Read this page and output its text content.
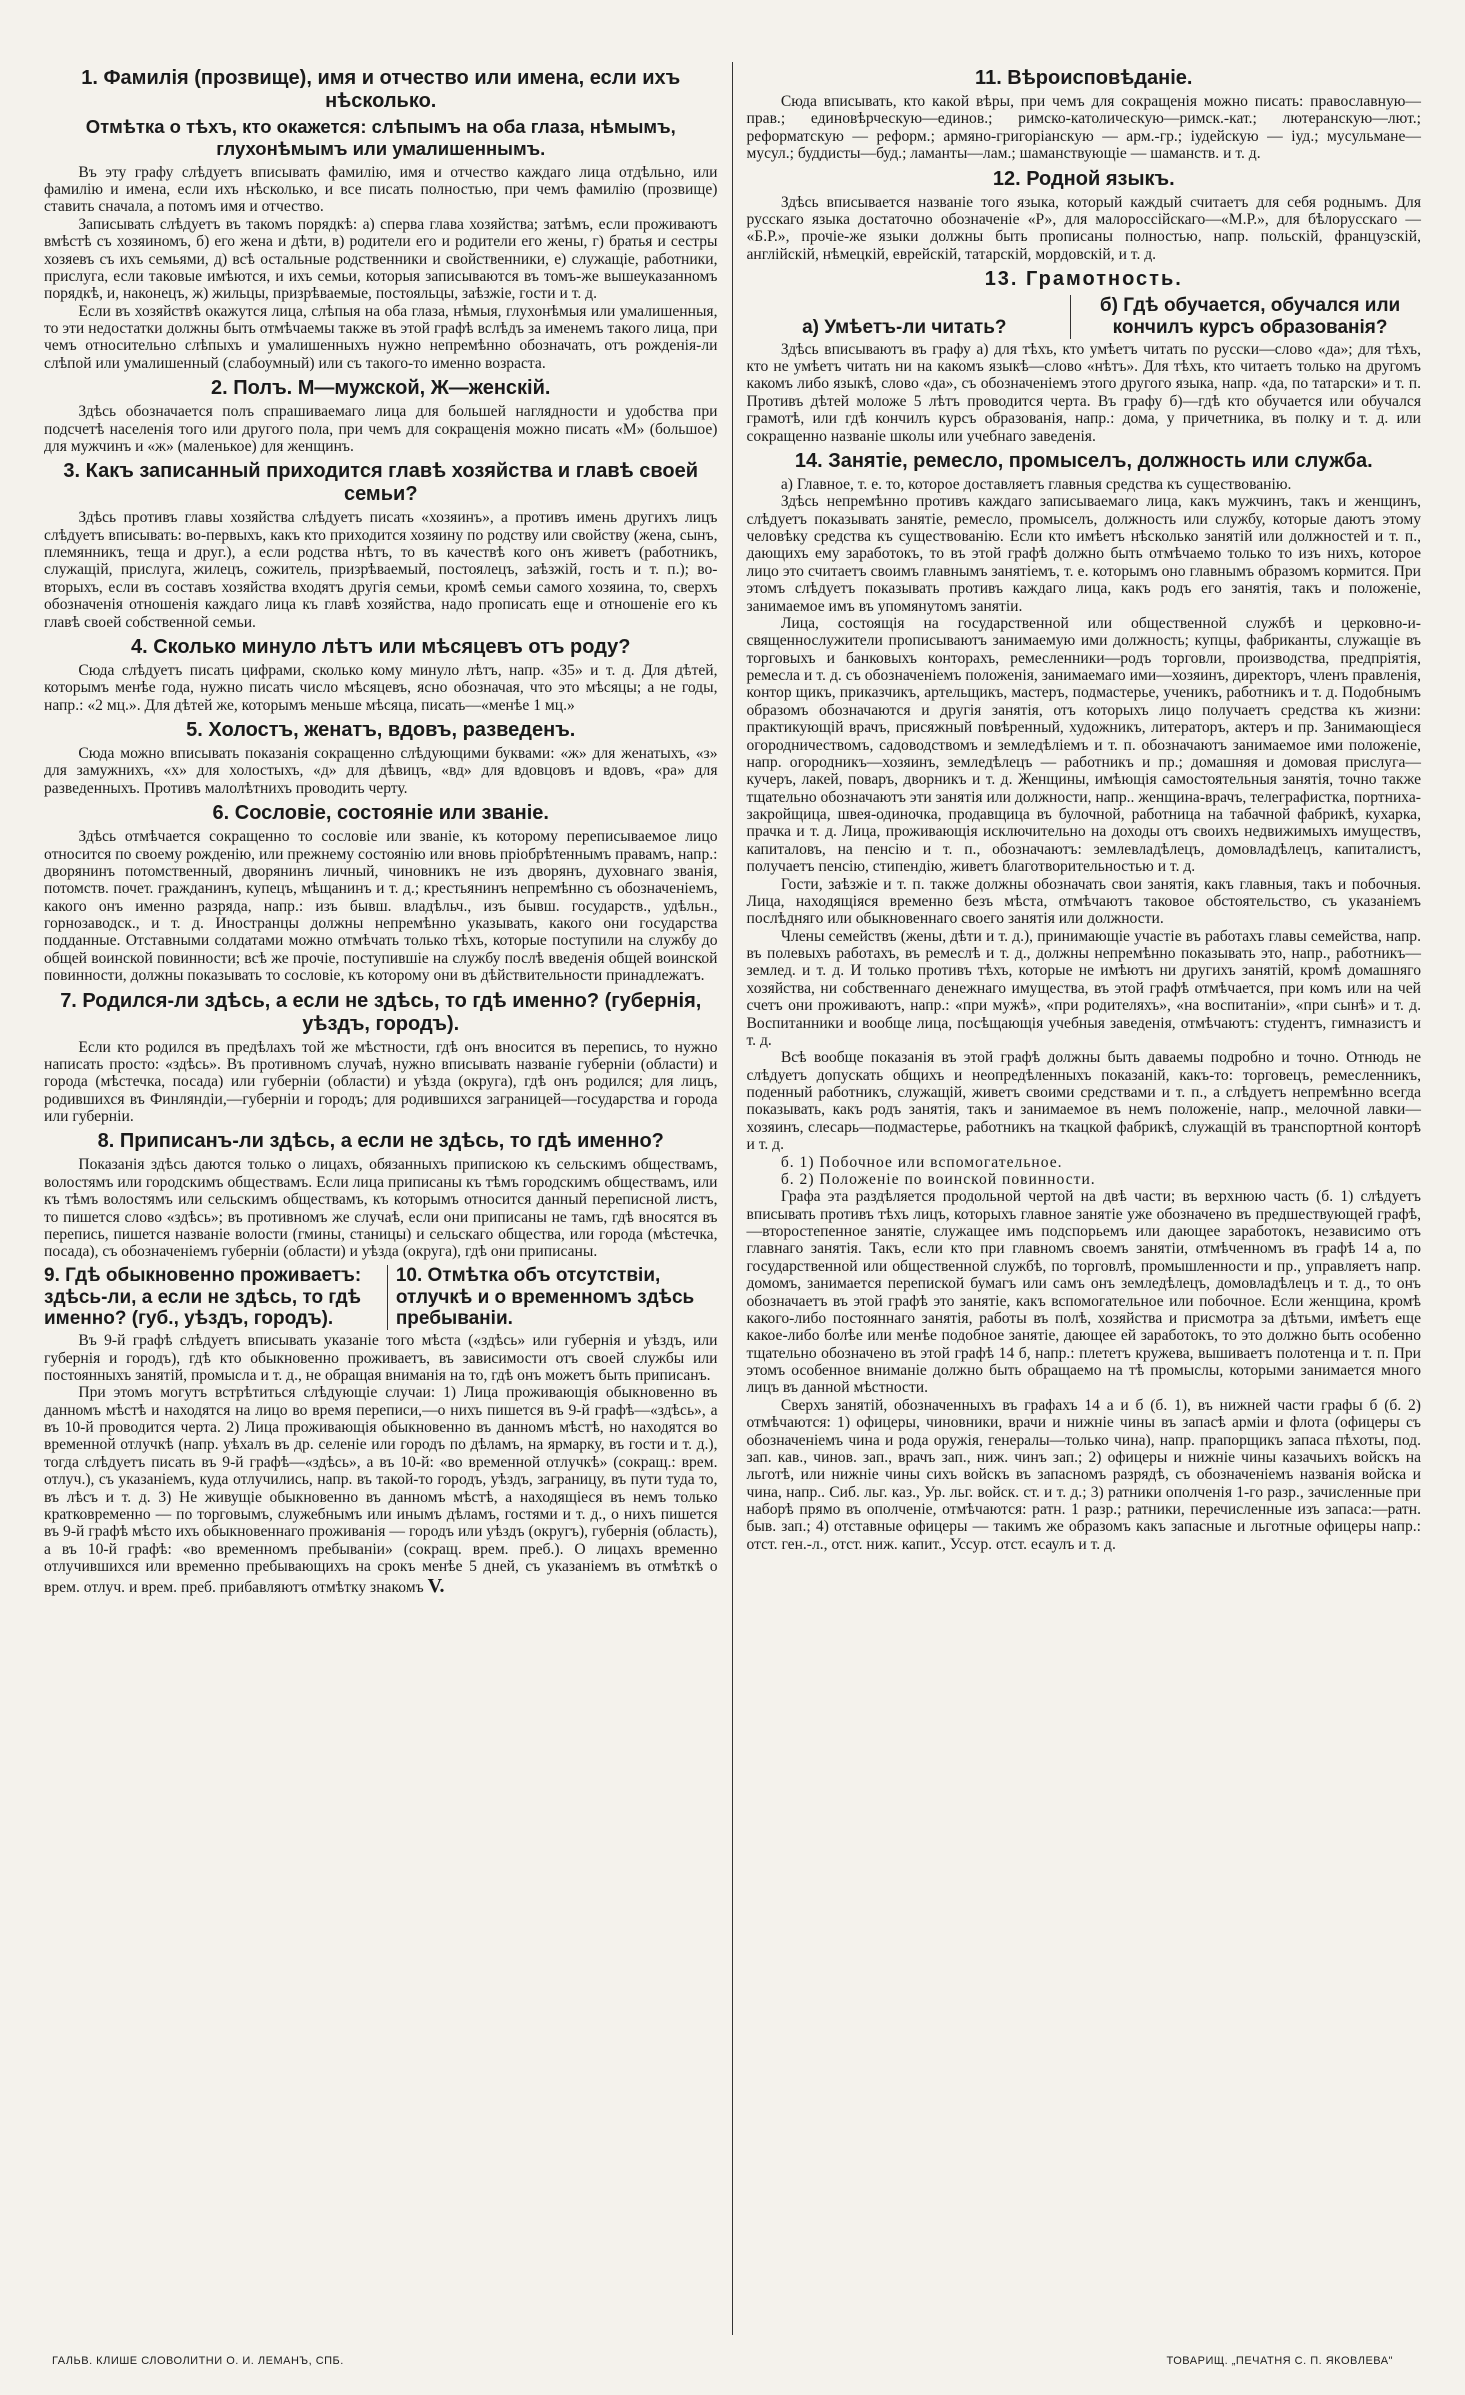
1. Фамилія (прозвище), имя и отчество или имена, если ихъ нѣсколько.
Отмѣтка о тѣхъ, кто окажется: слѣпымъ на оба глаза, нѣмымъ, глухонѣмымъ или умалишеннымъ.

Въ эту графу слѣдуетъ вписывать фамилію, имя и отчество каждаго лица отдѣльно, или фамилію и имена, если ихъ нѣсколько, и все писать полностью, при чемъ фамилію (прозвище) ставить сначала, а потомъ имя и отчество.

Записывать слѣдуетъ въ такомъ порядкѣ: а) сперва глава хозяйства; затѣмъ, если проживаютъ вмѣстѣ съ хозяиномъ, б) его жена и дѣти, в) родители его и родители его жены, г) братья и сестры хозяевъ съ ихъ семьями, д) всѣ остальные родственники и свойственники, е) служащіе, работники, прислуга, если таковые имѣются, и ихъ семьи, которыя записываются въ томъ-же вышеуказанномъ порядкѣ, и, наконецъ, ж) жильцы, призрѣваемые, постояльцы, заѣзжіе, гости и т. д.

Если въ хозяйствѣ окажутся лица, слѣпыя на оба глаза, нѣмыя, глухонѣмыя или умалишенныя, то эти недостатки должны быть отмѣчаемы также въ этой графѣ вслѣдъ за именемъ такого лица, при чемъ относительно слѣпыхъ и умалишенныхъ нужно непремѣнно обозначать, отъ рожденія-ли слѣпой или умалишенный (слабоумный) или съ такого-то именно возраста.

2. Полъ. М—мужской, Ж—женскій.

Здѣсь обозначается полъ спрашиваемаго лица для большей наглядности и удобства при подсчетѣ населенія того или другого пола, при чемъ для сокращенія можно писать «М» (большое) для мужчинъ и «ж» (маленькое) для женщинъ.

3. Какъ записанный приходится главѣ хозяйства и главѣ своей семьи?

Здѣсь противъ главы хозяйства слѣдуетъ писать «хозяинъ», а противъ имень другихъ лицъ слѣдуетъ вписывать: во-первыхъ, какъ кто приходится хозяину по родству или свойству (жена, сынъ, племянникъ, теща и друг.), а если родства нѣтъ, то въ качествѣ кого онъ живетъ (работникъ, служащій, прислуга, жилецъ, сожитель, призрѣваемый, постоялецъ, заѣзжій, гость и т. п.); во-вторыхъ, если въ составъ хозяйства входятъ другія семьи, кромѣ семьи самого хозяина, то, сверхъ обозначенія отношенія каждаго лица къ главѣ хозяйства, надо прописать еще и отношеніе его къ главѣ своей собственной семьи.

4. Сколько минуло лѣтъ или мѣсяцевъ отъ роду?

Сюда слѣдуетъ писать цифрами, сколько кому минуло лѣтъ, напр. «35» и т. д. Для дѣтей, которымъ менѣе года, нужно писать число мѣсяцевъ, ясно обозначая, что это мѣсяцы; а не годы, напр.: «2 мц.». Для дѣтей же, которымъ меньше мѣсяца, писать—«менѣе 1 мц.»

5. Холостъ, женатъ, вдовъ, разведенъ.

Сюда можно вписывать показанія сокращенно слѣдующими буквами: «ж» для женатыхъ, «з» для замужнихъ, «х» для холостыхъ, «д» для дѣвицъ, «вд» для вдовцовъ и вдовъ, «ра» для разведенныхъ. Противъ малолѣтнихъ проводить черту.

6. Сословіе, состояніе или званіе.

Здѣсь отмѣчается сокращенно то сословіе или званіе, къ которому переписываемое лицо относится по своему рожденію, или прежнему состоянію или вновь пріобрѣтеннымъ правамъ, напр.: дворянинъ потомственный, дворянинъ личный, чиновникъ не изъ дворянъ, духовнаго званія, потомств. почет. гражданинъ, купецъ, мѣщанинъ и т. д.; крестьянинъ непремѣнно съ обозначеніемъ, какого онъ именно разряда, напр.: изъ бывш. владѣльч., изъ бывш. государств., удѣльн., горнозаводск., и т. д. Иностранцы должны непремѣнно указывать, какого они государства подданные. Отставными солдатами можно отмѣчать только тѣхъ, которые поступили на службу до общей воинской повинности; всѣ же прочіе, поступившіе на службу послѣ введенія общей воинской повинности, должны показывать то сословіе, къ которому они въ дѣйствительности принадлежатъ.

7. Родился-ли здѣсь, а если не здѣсь, то гдѣ именно? (губернія, уѣздъ, городъ).

Если кто родился въ предѣлахъ той же мѣстности, гдѣ онъ вносится въ перепись, то нужно написать просто: «здѣсь». Въ противномъ случаѣ, нужно вписывать названіе губерніи (области) и города (мѣстечка, посада) или губерніи (области) и уѣзда (округа), гдѣ онъ родился; для лицъ, родившихся въ Финляндіи,—губерніи и городъ; для родившихся заграницей—государства и города или губерніи.

8. Приписанъ-ли здѣсь, а если не здѣсь, то гдѣ именно?

Показанія здѣсь даются только о лицахъ, обязанныхъ припискою къ сельскимъ обществамъ, волостямъ или городскимъ обществамъ. Если лица приписаны къ тѣмъ городскимъ обществамъ, или къ тѣмъ волостямъ или сельскимъ обществамъ, къ которымъ относится данный переписной листъ, то пишется слово «здѣсь»; въ противномъ же случаѣ, если они приписаны не тамъ, гдѣ вносятся въ перепись, пишется названіе волости (гмины, станицы) и сельскаго общества, или города (мѣстечка, посада), съ обозначеніемъ губерніи (области) и уѣзда (округа), гдѣ они приписаны.

9. Гдѣ обыкновенно проживаетъ: здѣсь-ли, а если не здѣсь, то гдѣ именно? (губ., уѣздъ, городъ).
10. Отмѣтка объ отсутствіи, отлучкѣ и о временномъ здѣсь пребываніи.

Въ 9-й графѣ слѣдуетъ вписывать указаніе того мѣста («здѣсь» или губернія и уѣздъ, или губернія и городъ), гдѣ кто обыкновенно проживаетъ, въ зависимости отъ своей службы или постоянныхъ занятій, промысла и т. д., не обращая вниманія на то, гдѣ онъ можетъ быть приписанъ.

При этомъ могутъ встрѣтиться слѣдующіе случаи: 1) Лица проживающія обыкновенно въ данномъ мѣстѣ и находятся на лицо во время переписи,—о нихъ пишется въ 9-й графѣ—«здѣсь», а въ 10-й проводится черта. 2) Лица проживающія обыкновенно въ данномъ мѣстѣ, но находятся во временной отлучкѣ (напр. уѣхалъ въ др. селеніе или городъ по дѣламъ, на ярмарку, въ гости и т. д.), тогда слѣдуетъ писать въ 9-й графѣ—«здѣсь», а въ 10-й: «во временной отлучкѣ» (сокращ.: врем. отлуч.), съ указаніемъ, куда отлучились, напр. въ такой-то городъ, уѣздъ, заграницу, въ пути туда то, въ лѣсъ и т. д. 3) Не живущіе обыкновенно въ данномъ мѣстѣ, а находящіеся въ немъ только кратковременно — по торговымъ, служебнымъ или инымъ дѣламъ, гостями и т. д., о нихъ пишется въ 9-й графѣ мѣсто ихъ обыкновеннаго проживанія — городъ или уѣздъ (округъ), губернія (область), а въ 10-й графѣ: «во временномъ пребываніи» (сокращ. врем. преб.). О лицахъ временно отлучившихся или временно пребывающихъ на срокъ менѣе 5 дней, съ указаніемъ въ отмѣткѣ о врем. отлуч. и врем. преб. прибавляютъ отмѣтку знакомъ V.

11. Вѣроисповѣданіе.

Сюда вписывать, кто какой вѣры, при чемъ для сокращенія можно писать: православную—прав.; единовѣрческую—единов.; римско-католическую—римск.-кат.; лютеранскую—лют.; реформатскую — реформ.; армяно-григоріанскую — арм.-гр.; іудейскую — іуд.; мусульмане—мусул.; буддисты—буд.; ламанты—лам.; шаманствующіе — шаманств. и т. д.

12. Родной языкъ.

Здѣсь вписывается названіе того языка, который каждый считаетъ для себя роднымъ. Для русскаго языка достаточно обозначеніе «Р», для малороссійскаго—«М.Р.», для бѣлорусскаго — «Б.Р.», прочіе-же языки должны быть прописаны полностью, напр. польскій, французскій, англійскій, нѣмецкій, еврейскій, татарскій, мордовскій, и т. д.

13. Грамотность.
а) Умѣетъ-ли читать?
б) Гдѣ обучается, обучался или кончилъ курсъ образованія?

Здѣсь вписываютъ въ графу а) для тѣхъ, кто умѣетъ читать по русски—слово «да»; для тѣхъ, кто не умѣетъ читать ни на какомъ языкѣ—слово «нѣтъ». Для тѣхъ, кто читаетъ только на другомъ какомъ либо языкѣ, слово «да», съ обозначеніемъ этого другого языка, напр. «да, по татарски» и т. п. Противъ дѣтей моложе 5 лѣтъ проводится черта. Въ графу б)—гдѣ кто обучается или обучался грамотѣ, или гдѣ кончилъ курсъ образованія, напр.: дома, у причетника, въ полку и т. д. или сокращенно названіе школы или учебнаго заведенія.

14. Занятіе, ремесло, промыселъ, должность или служба.

а) Главное, т. е. то, которое доставляетъ главныя средства къ существованію.

Здѣсь непремѣнно противъ каждаго записываемаго лица, какъ мужчинъ, такъ и женщинъ, слѣдуетъ показывать занятіе, ремесло, промыселъ, должность или службу, которые даютъ этому человѣку средства къ существованію. Если кто имѣетъ нѣсколько занятій или должностей и т. п., дающихъ ему заработокъ, то въ этой графѣ должно быть отмѣчаемо только то изъ нихъ, которое лицо это считаетъ своимъ главнымъ занятіемъ, т. е. которымъ оно главнымъ образомъ кормится. При этомъ слѣдуетъ показывать противъ каждаго лица, какъ родъ его занятія, такъ и положеніе, занимаемое имъ въ упомянутомъ занятіи.

Лица, состоящія на государственной или общественной службѣ и церковно-и-священнослужители прописываютъ занимаемую ими должность; купцы, фабриканты, служащіе въ торговыхъ и банковыхъ конторахъ, ремесленники—родъ торговли, производства, предпріятія, ремесла и т. д. съ обозначеніемъ положенія, занимаемаго ими—хозяинъ, директоръ, членъ правленія, контор щикъ, приказчикъ, артельщикъ, мастеръ, подмастерье, ученикъ, работникъ и т. д. Подобнымъ образомъ обозначаются и другія занятія, отъ которыхъ лицо получаетъ средства къ жизни: практикующій врачъ, присяжный повѣренный, художникъ, литераторъ, актеръ и пр. Занимающіеся огородничествомъ, садоводствомъ и земледѣліемъ и т. п. обозначаютъ занимаемое ими положеніе, напр. огородникъ—хозяинъ, земледѣлецъ — работникъ и пр.; домашняя и домовая прислуга—кучеръ, лакей, поваръ, дворникъ и т. д. Женщины, имѣющія самостоятельныя занятія, точно также тщательно обозначаютъ эти занятія или должности, напр.. женщина-врачъ, телеграфистка, портниха-закройщица, швея-одиночка, продавщица въ булочной, работница на табачной фабрикѣ, кухарка, прачка и т. д. Лица, проживающія исключительно на доходы отъ своихъ недвижимыхъ имуществъ, капиталовъ, на пенсію и т. п., обозначаютъ: землевладѣлецъ, домовладѣлецъ, капиталистъ, получаетъ пенсію, стипендію, живетъ благотворительностью и т. д.

Гости, заѣзжіе и т. п. также должны обозначать свои занятія, какъ главныя, такъ и побочныя. Лица, находящіяся временно безъ мѣста, отмѣчаютъ таковое обстоятельство, съ указаніемъ послѣдняго или обыкновеннаго своего занятія или должности.

Члены семействъ (жены, дѣти и т. д.), принимающіе участіе въ работахъ главы семейства, напр. въ полевыхъ работахъ, въ ремеслѣ и т. д., должны непремѣнно показывать это, напр., работникъ—землед. и т. д. И только противъ тѣхъ, которые не имѣютъ ни другихъ занятій, кромѣ домашняго хозяйства, ни собственнаго денежнаго имущества, въ этой графѣ отмѣчается, при комъ или на чей счетъ они проживаютъ, напр.: «при мужѣ», «при родителяхъ», «на воспитаніи», «при сынѣ» и т. д. Воспитанники и вообще лица, посѣщающія учебныя заведенія, отмѣчаютъ: студентъ, гимназистъ и т. д.

Всѣ вообще показанія въ этой графѣ должны быть даваемы подробно и точно. Отнюдь не слѣдуетъ допускать общихъ и неопредѣленныхъ показаній, какъ-то: торговецъ, ремесленникъ, поденный работникъ, служащій, живетъ своими средствами и т. п., а слѣдуетъ непремѣнно всегда показывать, какъ родъ занятія, такъ и занимаемое въ немъ положеніе, напр., мелочной лавки—хозяинъ, слесарь—подмастерье, работникъ на ткацкой фабрикѣ, служащій въ транспортной конторѣ и т. д.

б. 1) Побочное или вспомогательное.

б. 2) Положеніе по воинской повинности.

Графа эта раздѣляется продольной чертой на двѣ части; въ верхнюю часть (б. 1) слѣдуетъ вписывать противъ тѣхъ лицъ, которыхъ главное занятіе уже обозначено въ предшествующей графѣ,—второстепенное занятіе, служащее имъ подспорьемъ или дающее заработокъ, независимо отъ главнаго занятія. Такъ, если кто при главномъ своемъ занятіи, отмѣченномъ въ графѣ 14 а, по государственной или общественной службѣ, по торговлѣ, промышленности и пр., управляетъ напр. домомъ, занимается перепиской бумагъ или самъ онъ земледѣлецъ, домовладѣлецъ и т. д., то онъ обозначаетъ въ этой графѣ это занятіе, какъ вспомогательное или побочное. Если женщина, кромѣ какого-либо постояннаго занятія, работы въ полѣ, хозяйства и присмотра за дѣтьми, имѣетъ еще какое-либо болѣе или менѣе подобное занятіе, дающее ей заработокъ, то это должно быть особенно тщательно обозначено въ этой графѣ 14 б, напр.: плететъ кружева, вышиваетъ полотенца и т. п. При этомъ особенное вниманіе должно быть обращаемо на тѣ промыслы, которыми занимается много лицъ въ данной мѣстности.

Сверхъ занятій, обозначенныхъ въ графахъ 14 а и б (б. 1), въ нижней части графы б (б. 2) отмѣчаются: 1) офицеры, чиновники, врачи и нижніе чины въ запасѣ арміи и флота (офицеры съ обозначеніемъ чина и рода оружія, генералы—только чина), напр. прапорщикъ запаса пѣхоты, под. зап. кав., чинов. зап., врачъ зап., ниж. чинъ зап.; 2) офицеры и нижніе чины казачьихъ войскъ на льготѣ, или нижніе чины сихъ войскъ въ запасномъ разрядѣ, съ обозначеніемъ названія войска и чина, напр.. Сиб. льг. каз., Ур. льг. войск. ст. и т. д.; 3) ратники ополченія 1-го разр., зачисленные при наборѣ прямо въ ополченіе, отмѣчаются: ратн. 1 разр.; ратники, перечисленные изъ запаса:—ратн. быв. зап.; 4) отставные офицеры — такимъ же образомъ какъ запасные и льготные офицеры напр.: отст. ген.-л., отст. ниж. капит., Уссур. отст. есаулъ и т. д.

ГАЛЬВ. КЛИШЕ СЛОВОЛИТНИ О. И. ЛЕМАНЪ, СПБ.	ТОВАРИЩ. „ПЕЧАТНЯ С. П. ЯКОВЛЕВА"
